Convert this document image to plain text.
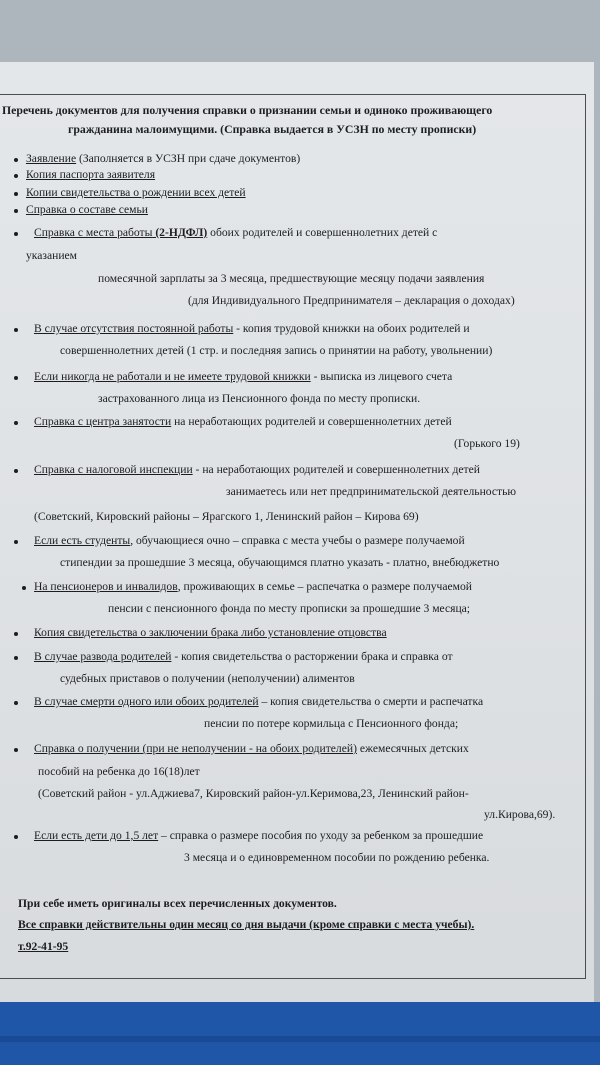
Перечень документов для получения справки о признании семьи и одиноко проживающего
гражданина малоимущими. (Справка выдается в УСЗН по месту прописки)
Заявление (Заполняется в УСЗН при сдаче документов)
Копия паспорта заявителя
Копии свидетельства о рождении всех детей
Справка о составе семьи
Справка с места работы (2-НДФЛ) обоих родителей и совершеннолетних детей с
указанием
помесячной зарплаты за 3 месяца, предшествующие месяцу подачи заявления
(для Индивидуального Предпринимателя – декларация о доходах)
В случае отсутствия постоянной работы - копия трудовой книжки на обоих родителей и
совершеннолетних детей (1 стр. и последняя запись о принятии на работу, увольнении)
Если никогда не работали и не имеете трудовой книжки - выписка из лицевого счета
застрахованного лица из Пенсионного фонда по месту прописки.
Справка с центра занятости на неработающих родителей и совершеннолетних детей
(Горького 19)
Справка с налоговой инспекции - на неработающих родителей и совершеннолетних детей
занимаетесь или нет предпринимательской деятельностью
(Советский, Кировский районы – Ярагского 1, Ленинский район – Кирова 69)
Если есть студенты, обучающиеся очно – справка с места учебы о размере получаемой
стипендии за прошедшие 3 месяца, обучающимся платно указать - платно, внебюджетно
На пенсионеров и инвалидов, проживающих в семье – распечатка о размере получаемой
пенсии с пенсионного фонда по месту прописки за прошедшие 3 месяца;
Копия свидетельства о заключении брака либо установление отцовства
В случае развода родителей - копия свидетельства о расторжении брака и справка от
судебных приставов о получении (неполучении) алиментов
В случае смерти одного или обоих родителей – копия свидетельства о смерти и распечатка
пенсии по потере кормильца с Пенсионного фонда;
Справка о получении (при не неполучении - на обоих родителей) ежемесячных детских
пособий на ребенка до 16(18)лет
(Советский район - ул.Аджиева7, Кировский район-ул.Керимова,23, Ленинский район-
ул.Кирова,69).
Если есть дети до 1,5 лет – справка о размере пособия по уходу за ребенком за прошедшие
3 месяца и о единовременном пособии по рождению ребенка.
При себе иметь оригиналы всех перечисленных документов.
Все справки действительны один месяц со дня выдачи (кроме справки с места учебы).
т.92-41-95
